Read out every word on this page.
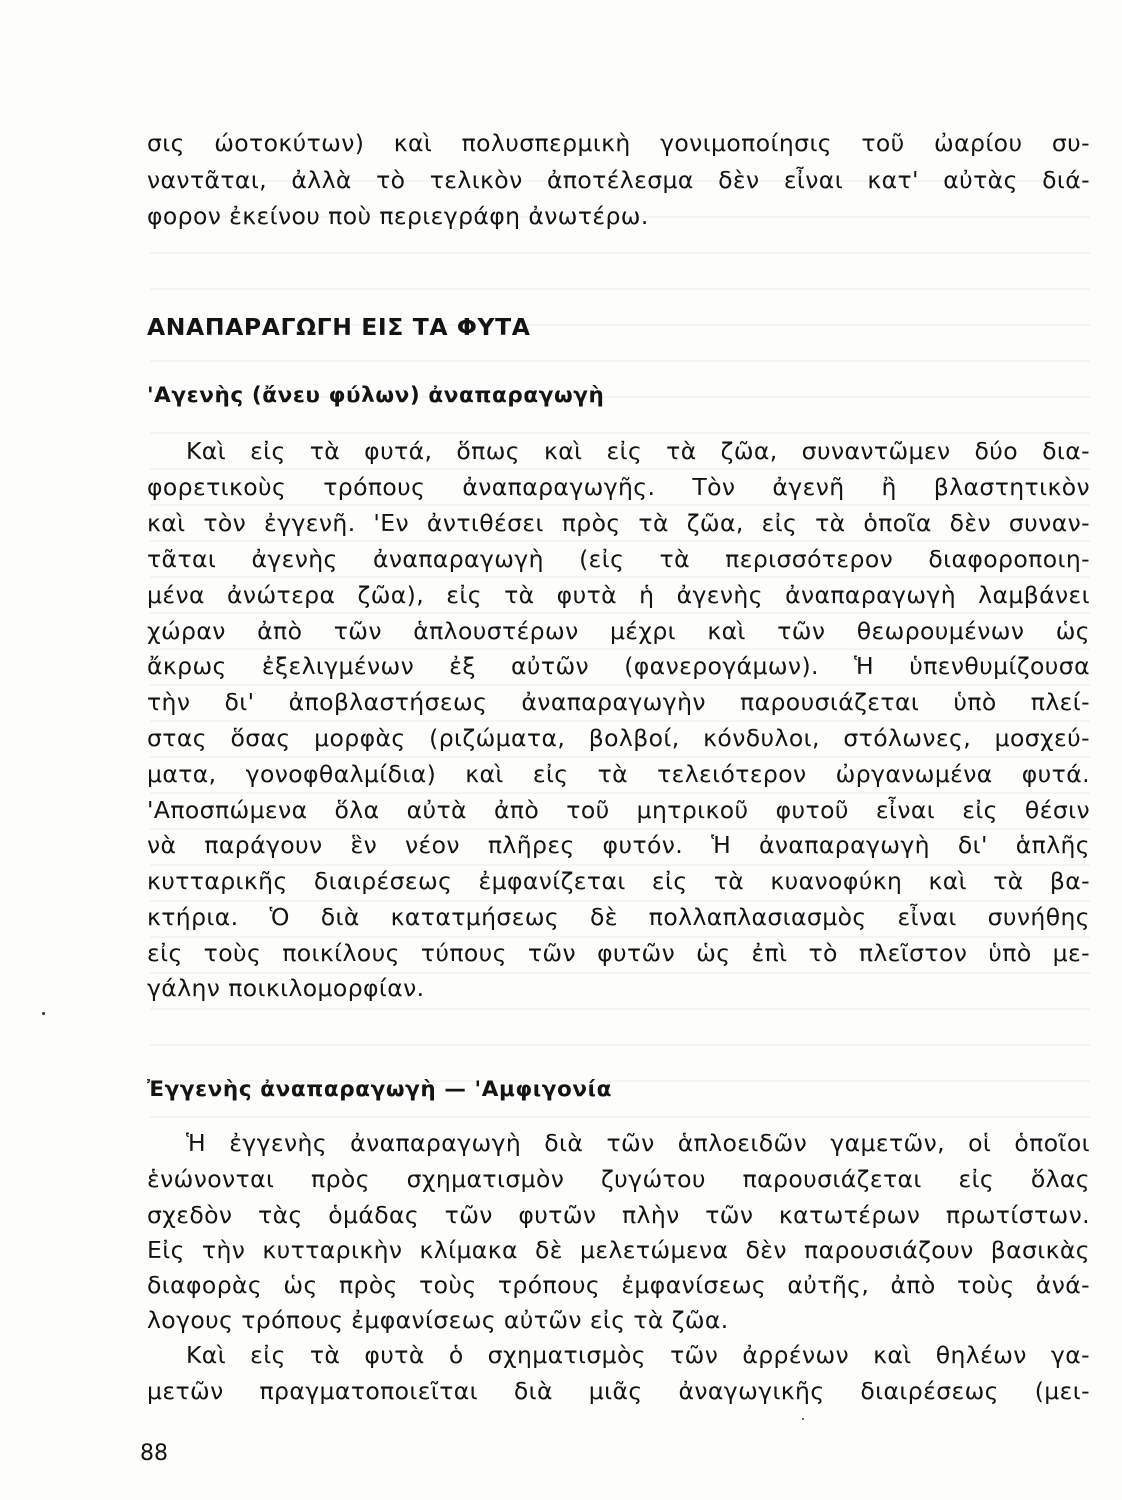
σις ώοτοκύτων) καὶ πολυσπερμικὴ γονιμοποίησις τοῦ ὠαρίου συ-
ναντᾶται, ἀλλὰ τὸ τελικὸν ἀποτέλεσμα δὲν εἶναι κατ' αὐτὰς διά-
φορον ἐκείνου ποὺ περιεγράφη ἀνωτέρω.
ΑΝΑΠΑΡΑΓΩΓΗ ΕΙΣ ΤΑ ΦΥΤΑ
'Αγενὴς (ἄνευ φύλων) ἀναπαραγωγὴ
Καὶ εἰς τὰ φυτά, ὅπως καὶ εἰς τὰ ζῶα, συναντῶμεν δύο δια-
φορετικοὺς τρόπους ἀναπαραγωγῆς. Τὸν ἀγενῆ ἢ βλαστητικὸν
καὶ τὸν ἐγγενῆ. 'Εν ἀντιθέσει πρὸς τὰ ζῶα, εἰς τὰ ὁποῖα δὲν συναν-
τᾶται ἀγενὴς ἀναπαραγωγὴ (εἰς τὰ περισσότερον διαφοροποιη-
μένα ἀνώτερα ζῶα), εἰς τὰ φυτὰ ἡ ἀγενὴς ἀναπαραγωγὴ λαμβάνει
χώραν ἀπὸ τῶν ἁπλουστέρων μέχρι καὶ τῶν θεωρουμένων ὡς
ἄκρως ἐξελιγμένων ἐξ αὐτῶν (φανερογάμων). Ἡ ὑπενθυμίζουσα
τὴν δι' ἀποβλαστήσεως ἀναπαραγωγὴν παρουσιάζεται ὑπὸ πλεί-
στας ὅσας μορφὰς (ριζώματα, βολβοί, κόνδυλοι, στόλωνες, μοσχεύ-
ματα, γονοφθαλμίδια) καὶ εἰς τὰ τελειότερον ὠργανωμένα φυτά.
'Αποσπώμενα ὅλα αὐτὰ ἀπὸ τοῦ μητρικοῦ φυτοῦ εἶναι εἰς θέσιν
νὰ παράγουν ἓν νέον πλῆρες φυτόν. Ἡ ἀναπαραγωγὴ δι' ἁπλῆς
κυτταρικῆς διαιρέσεως ἐμφανίζεται εἰς τὰ κυανοφύκη καὶ τὰ βα-
κτήρια. Ὁ διὰ κατατμήσεως δὲ πολλαπλασιασμὸς εἶναι συνήθης
εἰς τοὺς ποικίλους τύπους τῶν φυτῶν ὡς ἐπὶ τὸ πλεῖστον ὑπὸ με-
γάλην ποικιλομορφίαν.
Ἐγγενὴς ἀναπαραγωγὴ — 'Αμφιγονία
Ἡ ἐγγενὴς ἀναπαραγωγὴ διὰ τῶν ἁπλοειδῶν γαμετῶν, οἱ ὁποῖοι
ἑνώνονται πρὸς σχηματισμὸν ζυγώτου παρουσιάζεται εἰς ὅλας
σχεδὸν τὰς ὁμάδας τῶν φυτῶν πλὴν τῶν κατωτέρων πρωτίστων.
Εἰς τὴν κυτταρικὴν κλίμακα δὲ μελετώμενα δὲν παρουσιάζουν βασικὰς
διαφορὰς ὡς πρὸς τοὺς τρόπους ἐμφανίσεως αὐτῆς, ἀπὸ τοὺς ἀνά-
λογους τρόπους ἐμφανίσεως αὐτῶν εἰς τὰ ζῶα.
Καὶ εἰς τὰ φυτὰ ὁ σχηματισμὸς τῶν ἀρρένων καὶ θηλέων γα-
μετῶν πραγματοποιεῖται διὰ μιᾶς ἀναγωγικῆς διαιρέσεως (μει-
88
